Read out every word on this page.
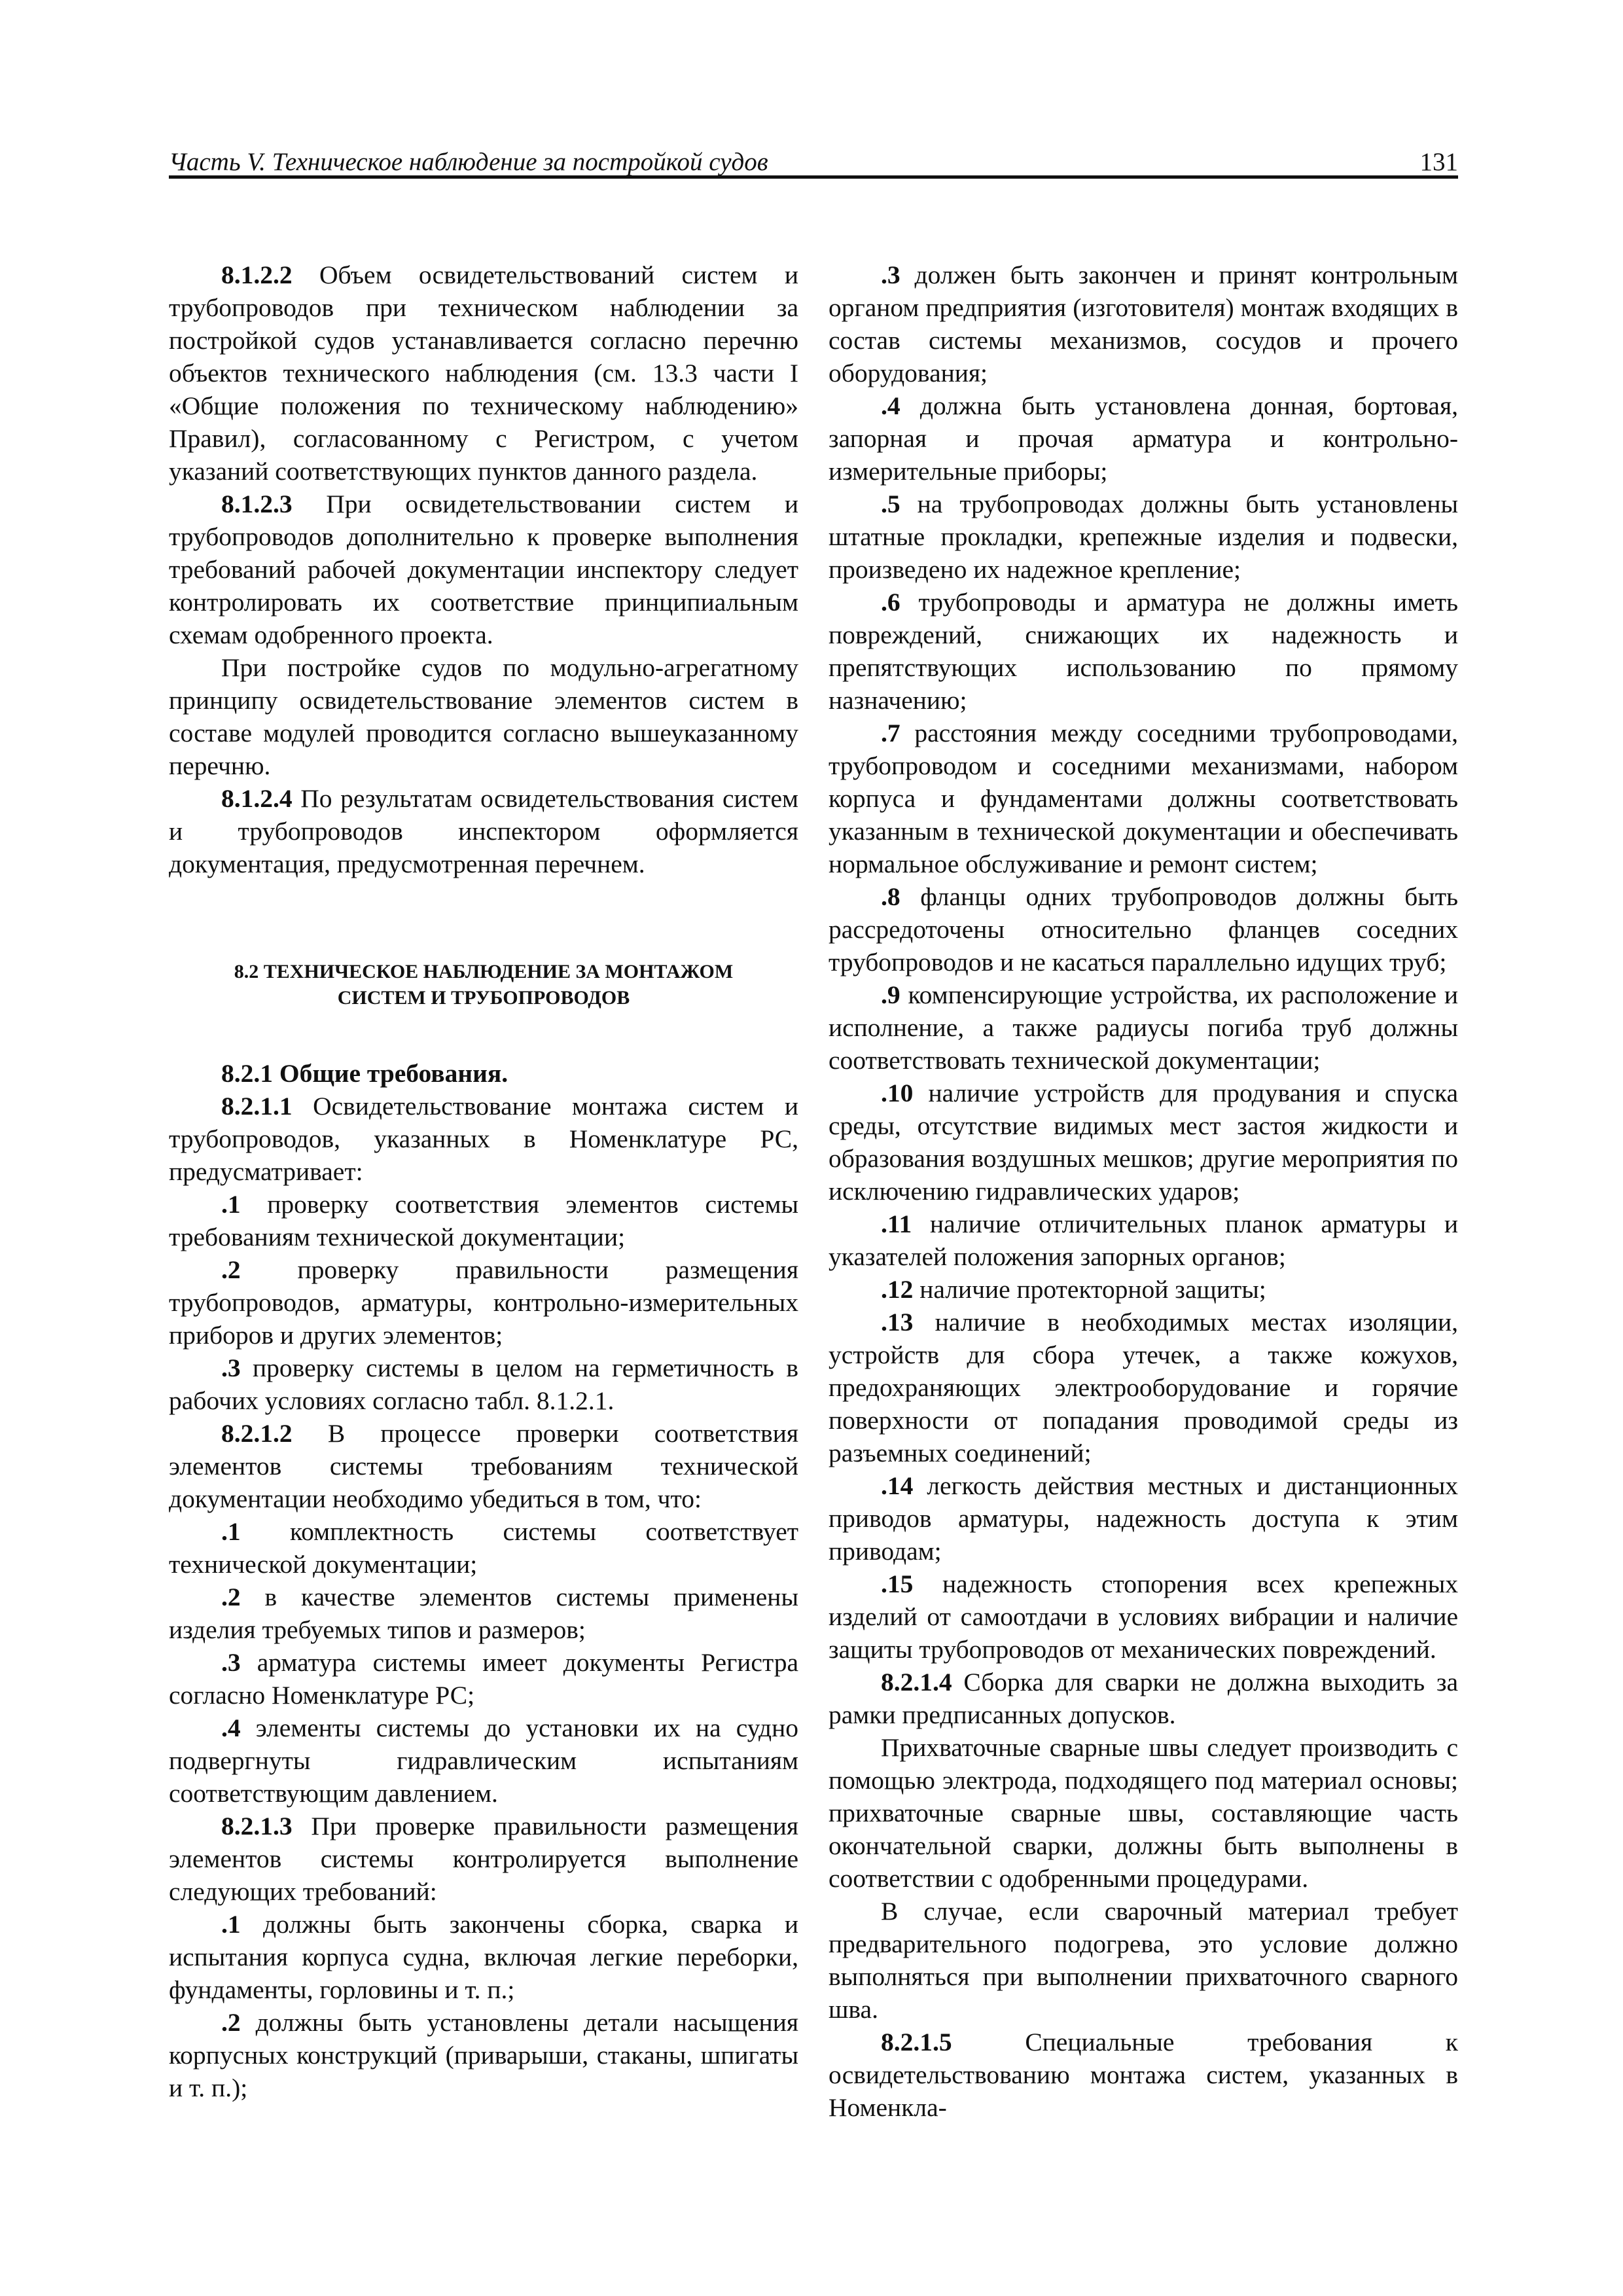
Часть V. Техническое наблюдение за постройкой судов	131

8.1.2.2 Объем освидетельствований систем и трубопроводов при техническом наблюдении за постройкой судов устанавливается согласно перечню объектов технического наблюдения (см. 13.3 части I «Общие положения по техническому наблюдению» Правил), согласованному с Регистром, с учетом указаний соответствующих пунктов данного раздела.

8.1.2.3 При освидетельствовании систем и трубопроводов дополнительно к проверке выполнения требований рабочей документации инспектору следует контролировать их соответствие принципиальным схемам одобренного проекта.

При постройке судов по модульно-агрегатному принципу освидетельствование элементов систем в составе модулей проводится согласно вышеуказанному перечню.

8.1.2.4 По результатам освидетельствования систем и трубопроводов инспектором оформляется документация, предусмотренная перечнем.

8.2 ТЕХНИЧЕСКОЕ НАБЛЮДЕНИЕ ЗА МОНТАЖОМ
СИСТЕМ И ТРУБОПРОВОДОВ

8.2.1 Общие требования.

8.2.1.1 Освидетельствование монтажа систем и трубопроводов, указанных в Номенклатуре РС, предусматривает:

.1 проверку соответствия элементов системы требованиям технической документации;

.2 проверку правильности размещения трубопроводов, арматуры, контрольно-измерительных приборов и других элементов;

.3 проверку системы в целом на герметичность в рабочих условиях согласно табл. 8.1.2.1.

8.2.1.2 В процессе проверки соответствия элементов системы требованиям технической документации необходимо убедиться в том, что:

.1 комплектность системы соответствует технической документации;

.2 в качестве элементов системы применены изделия требуемых типов и размеров;

.3 арматура системы имеет документы Регистра согласно Номенклатуре РС;

.4 элементы системы до установки их на судно подвергнуты гидравлическим испытаниям соответствующим давлением.

8.2.1.3 При проверке правильности размещения элементов системы контролируется выполнение следующих требований:

.1 должны быть закончены сборка, сварка и испытания корпуса судна, включая легкие переборки, фундаменты, горловины и т. п.;

.2 должны быть установлены детали насыщения корпусных конструкций (приварыши, стаканы, шпигаты и т. п.);

.3 должен быть закончен и принят контрольным органом предприятия (изготовителя) монтаж входящих в состав системы механизмов, сосудов и прочего оборудования;

.4 должна быть установлена донная, бортовая, запорная и прочая арматура и контрольно-измерительные приборы;

.5 на трубопроводах должны быть установлены штатные прокладки, крепежные изделия и подвески, произведено их надежное крепление;

.6 трубопроводы и арматура не должны иметь повреждений, снижающих их надежность и препятствующих использованию по прямому назначению;

.7 расстояния между соседними трубопроводами, трубопроводом и соседними механизмами, набором корпуса и фундаментами должны соответствовать указанным в технической документации и обеспечивать нормальное обслуживание и ремонт систем;

.8 фланцы одних трубопроводов должны быть рассредоточены относительно фланцев соседних трубопроводов и не касаться параллельно идущих труб;

.9 компенсирующие устройства, их расположение и исполнение, а также радиусы погиба труб должны соответствовать технической документации;

.10 наличие устройств для продувания и спуска среды, отсутствие видимых мест застоя жидкости и образования воздушных мешков; другие мероприятия по исключению гидравлических ударов;

.11 наличие отличительных планок арматуры и указателей положения запорных органов;

.12 наличие протекторной защиты;

.13 наличие в необходимых местах изоляции, устройств для сбора утечек, а также кожухов, предохраняющих электрооборудование и горячие поверхности от попадания проводимой среды из разъемных соединений;

.14 легкость действия местных и дистанционных приводов арматуры, надежность доступа к этим приводам;

.15 надежность стопорения всех крепежных изделий от самоотдачи в условиях вибрации и наличие защиты трубопроводов от механических повреждений.

8.2.1.4 Сборка для сварки не должна выходить за рамки предписанных допусков.

Прихваточные сварные швы следует производить с помощью электрода, подходящего под материал основы; прихваточные сварные швы, составляющие часть окончательной сварки, должны быть выполнены в соответствии с одобренными процедурами.

В случае, если сварочный материал требует предварительного подогрева, это условие должно выполняться при выполнении прихваточного сварного шва.

8.2.1.5 Специальные требования к освидетельствованию монтажа систем, указанных в Номенкла-
